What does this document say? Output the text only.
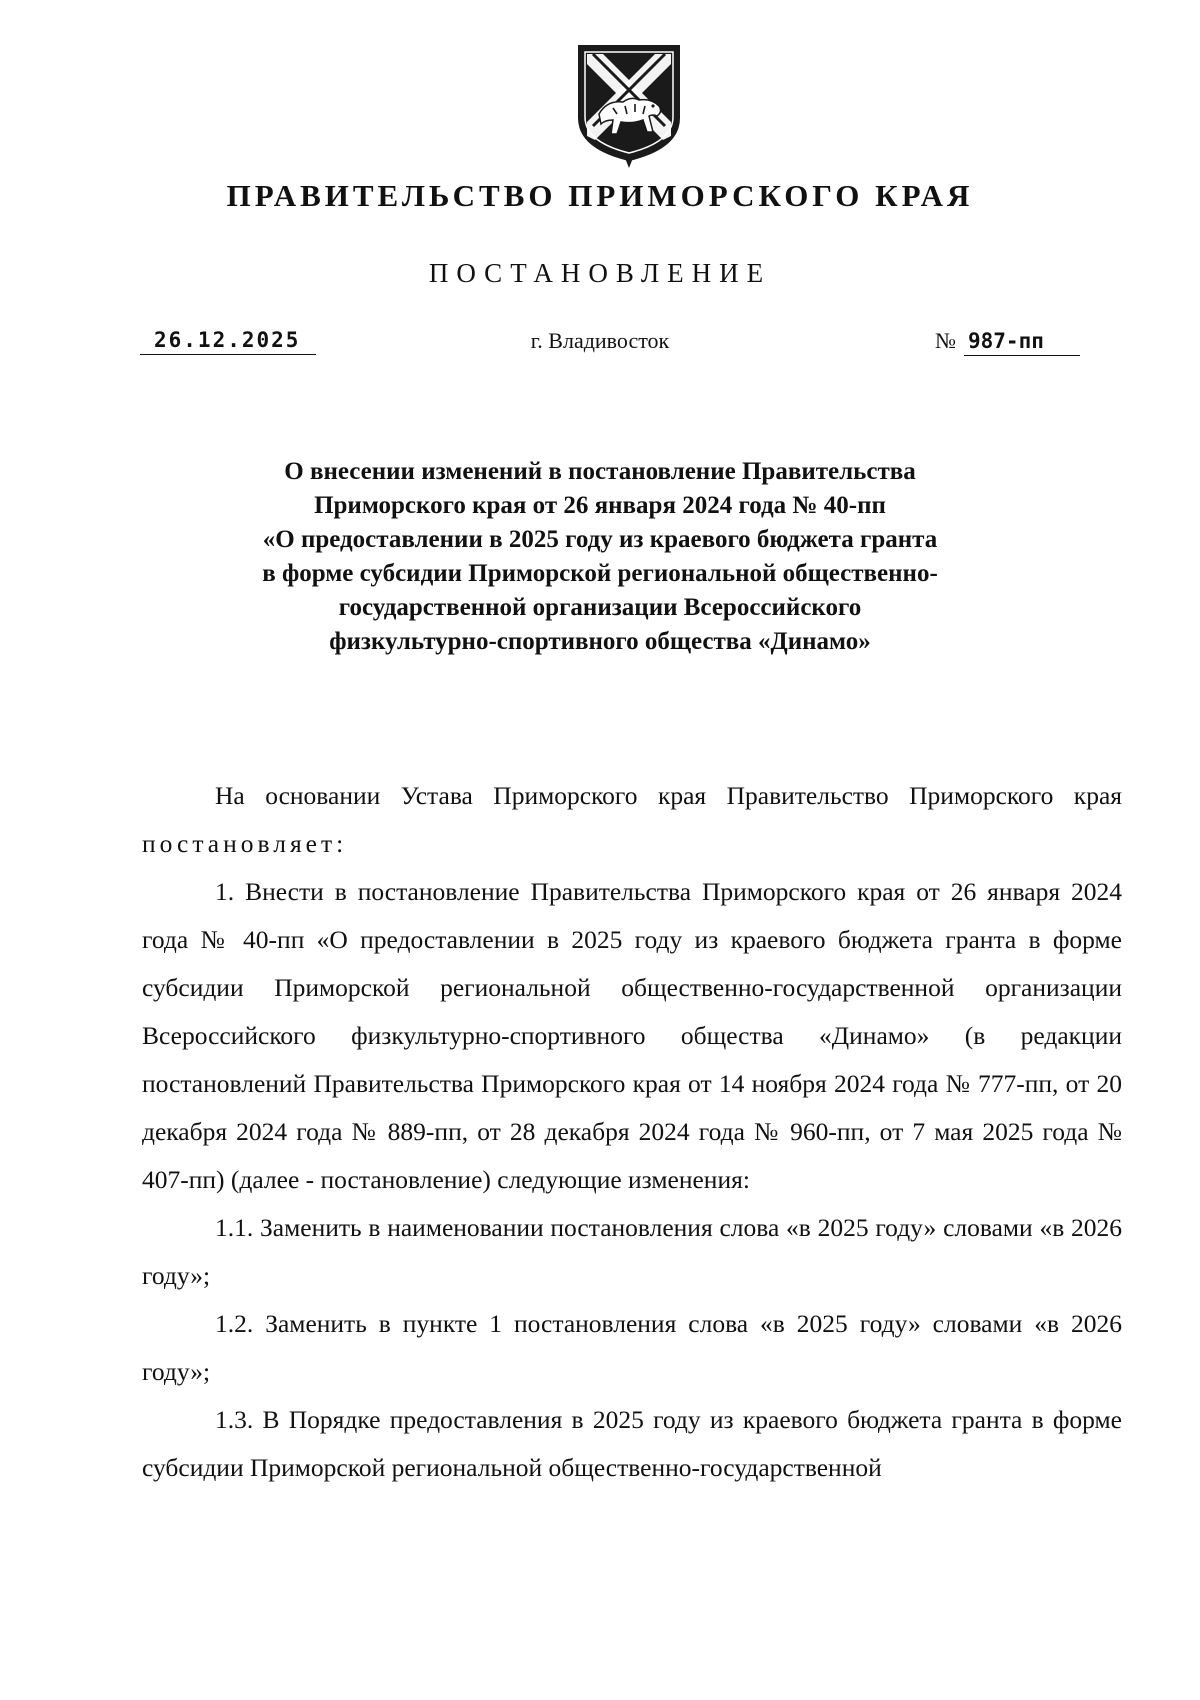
ПРАВИТЕЛЬСТВО ПРИМОРСКОГО КРАЯ
ПОСТАНОВЛЕНИЕ
26.12.2025	г. Владивосток	№ 987-пп
О внесении изменений в постановление Правительства
Приморского края от 26 января 2024 года № 40-пп
«О предоставлении в 2025 году из краевого бюджета гранта
в форме субсидии Приморской региональной общественно-
государственной организации Всероссийского
физкультурно-спортивного общества «Динамо»

На основании Устава Приморского края Правительство Приморского края постановляет:

1. Внести в постановление Правительства Приморского края от 26 января 2024 года № 40-пп «О предоставлении в 2025 году из краевого бюджета гранта в форме субсидии Приморской региональной общественно-государственной организации Всероссийского физкультурно-спортивного общества «Динамо» (в редакции постановлений Правительства Приморского края от 14 ноября 2024 года № 777-пп, от 20 декабря 2024 года № 889-пп, от 28 декабря 2024 года № 960-пп, от 7 мая 2025 года № 407-пп) (далее - постановление) следующие изменения:

1.1. Заменить в наименовании постановления слова «в 2025 году» словами «в 2026 году»;

1.2. Заменить в пункте 1 постановления слова «в 2025 году» словами «в 2026 году»;

1.3. В Порядке предоставления в 2025 году из краевого бюджета гранта в форме субсидии Приморской региональной общественно-государственной
